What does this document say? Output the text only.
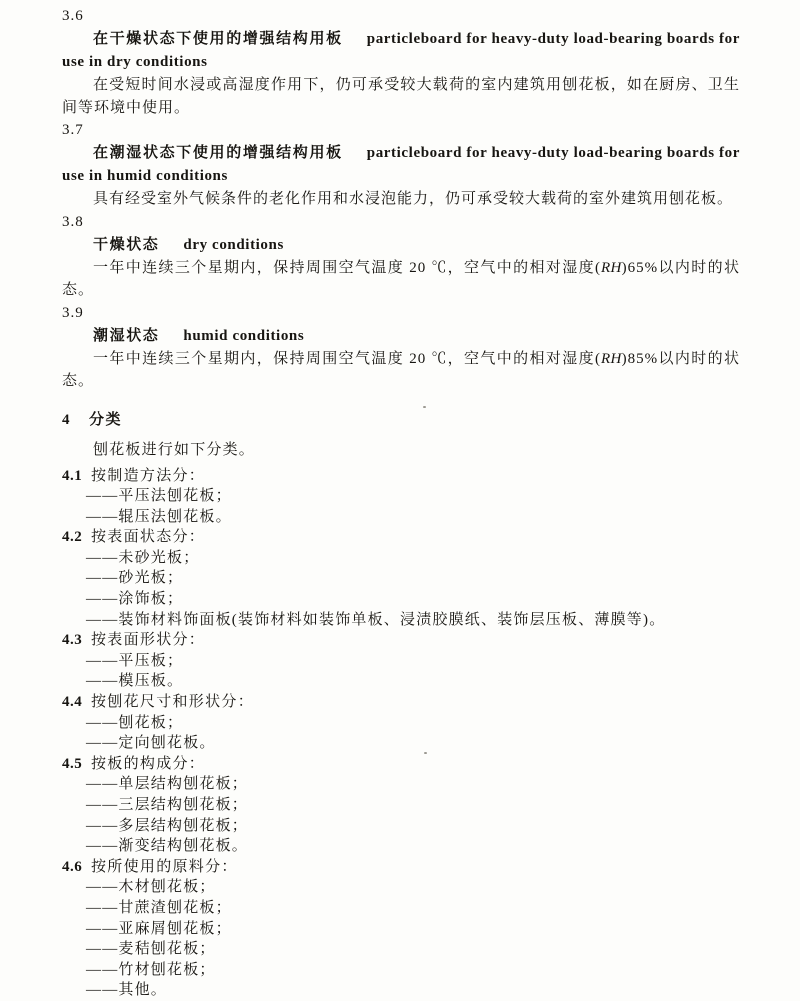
3.6

在干燥状态下使用的增强结构用板 particleboard for heavy-duty load-bearing boards for use in dry conditions

在受短时间水浸或高湿度作用下，仍可承受较大载荷的室内建筑用刨花板，如在厨房、卫生间等环境中使用。

3.7

在潮湿状态下使用的增强结构用板 particleboard for heavy-duty load-bearing boards for use in humid conditions

具有经受室外气候条件的老化作用和水浸泡能力，仍可承受较大载荷的室外建筑用刨花板。

3.8

干燥状态 dry conditions

一年中连续三个星期内，保持周围空气温度 20 ℃，空气中的相对湿度(RH)65%以内时的状态。

3.9

潮湿状态 humid conditions

一年中连续三个星期内，保持周围空气温度 20 ℃，空气中的相对湿度(RH)85%以内时的状态。

4 分类

刨花板进行如下分类。

4.1 按制造方法分：
——平压法刨花板；
——辊压法刨花板。
4.2 按表面状态分：
——未砂光板；
——砂光板；
——涂饰板；
——装饰材料饰面板(装饰材料如装饰单板、浸渍胶膜纸、装饰层压板、薄膜等)。
4.3 按表面形状分：
——平压板；
——模压板。
4.4 按刨花尺寸和形状分：
——刨花板；
——定向刨花板。
4.5 按板的构成分：
——单层结构刨花板；
——三层结构刨花板；
——多层结构刨花板；
——渐变结构刨花板。
4.6 按所使用的原料分：
——木材刨花板；
——甘蔗渣刨花板；
——亚麻屑刨花板；
——麦秸刨花板；
——竹材刨花板；
——其他。
